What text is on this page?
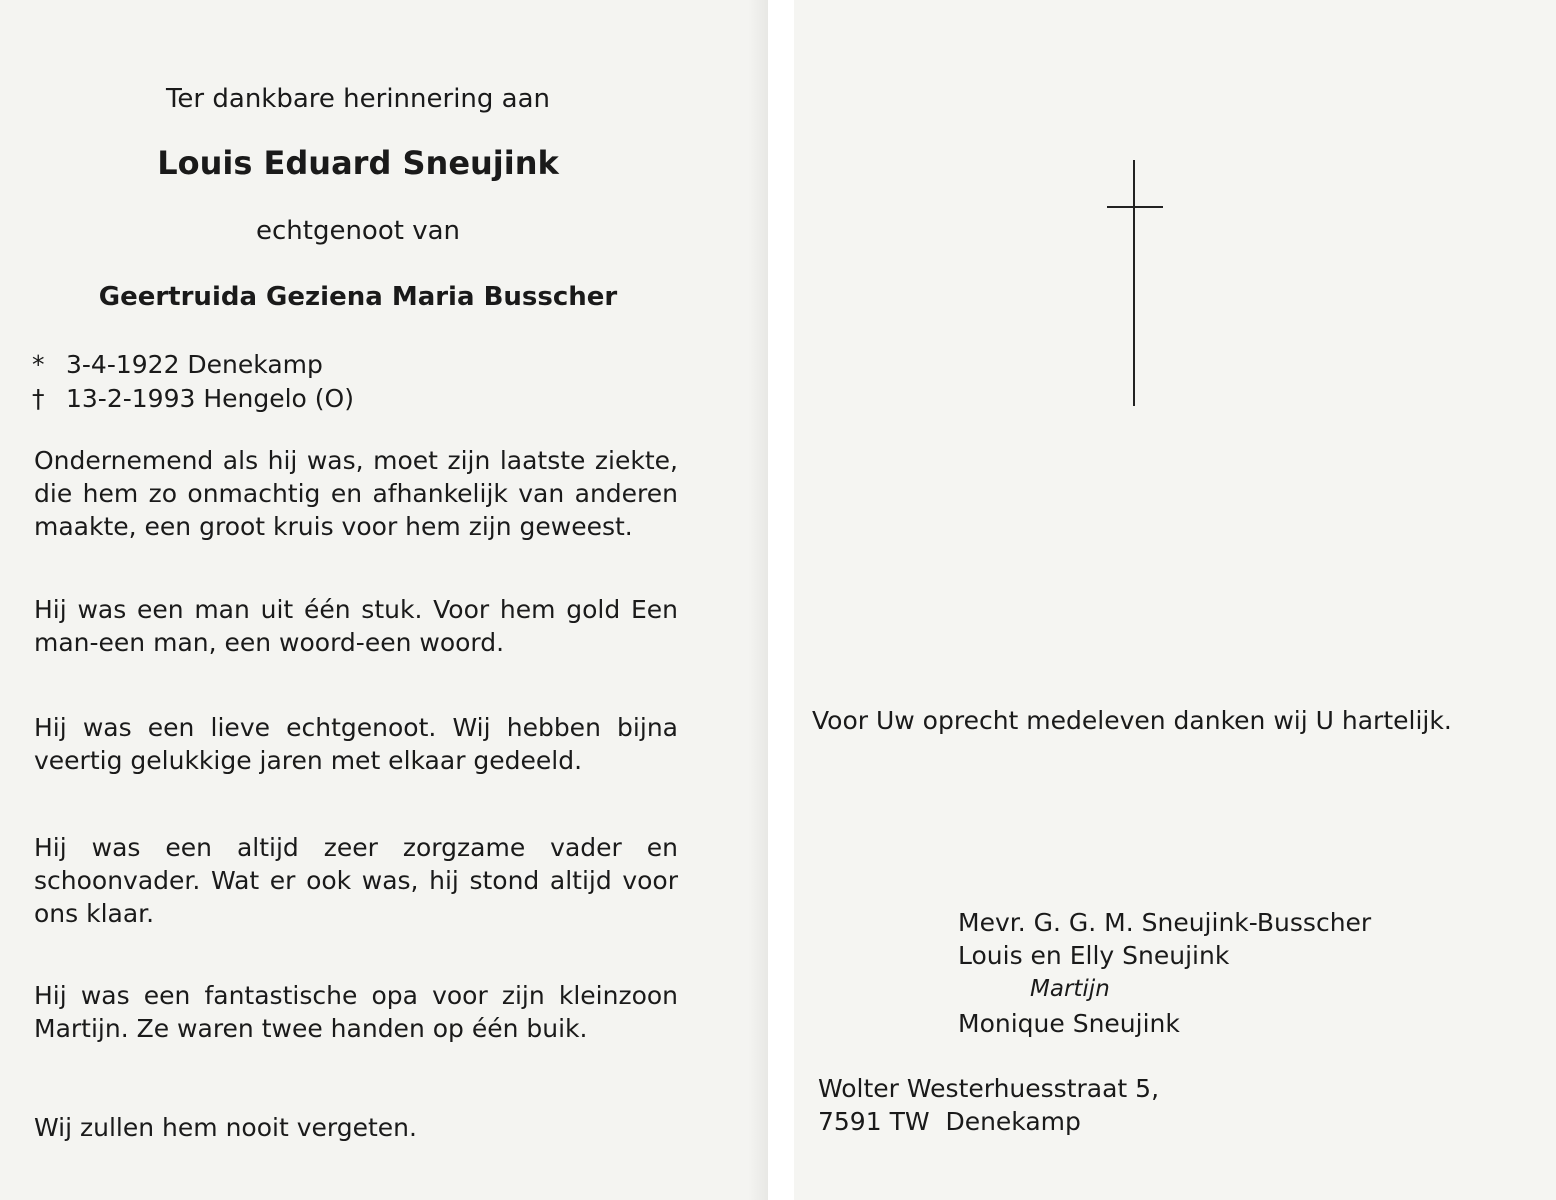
Ter dankbare herinnering aan
Louis Eduard Sneujink
echtgenoot van
Geertruida Geziena Maria Busscher
* 3-4-1922 Denekamp
† 13-2-1993 Hengelo (O)

Ondernemend als hij was, moet zijn laatste ziekte, die hem zo onmachtig en afhankelijk van anderen maakte, een groot kruis voor hem zijn geweest.

Hij was een man uit één stuk. Voor hem gold Een man-een man, een woord-een woord.

Hij was een lieve echtgenoot. Wij hebben bijna veertig gelukkige jaren met elkaar gedeeld.

Hij was een altijd zeer zorgzame vader en schoonvader. Wat er ook was, hij stond altijd voor ons klaar.

Hij was een fantastische opa voor zijn kleinzoon Martijn. Ze waren twee handen op één buik.

Wij zullen hem nooit vergeten.

Voor Uw oprecht medeleven danken wij U hartelijk.

Mevr. G. G. M. Sneujink-Busscher
Louis en Elly Sneujink
Martijn
Monique Sneujink
Wolter Westerhuesstraat 5,
7591 TW  Denekamp
